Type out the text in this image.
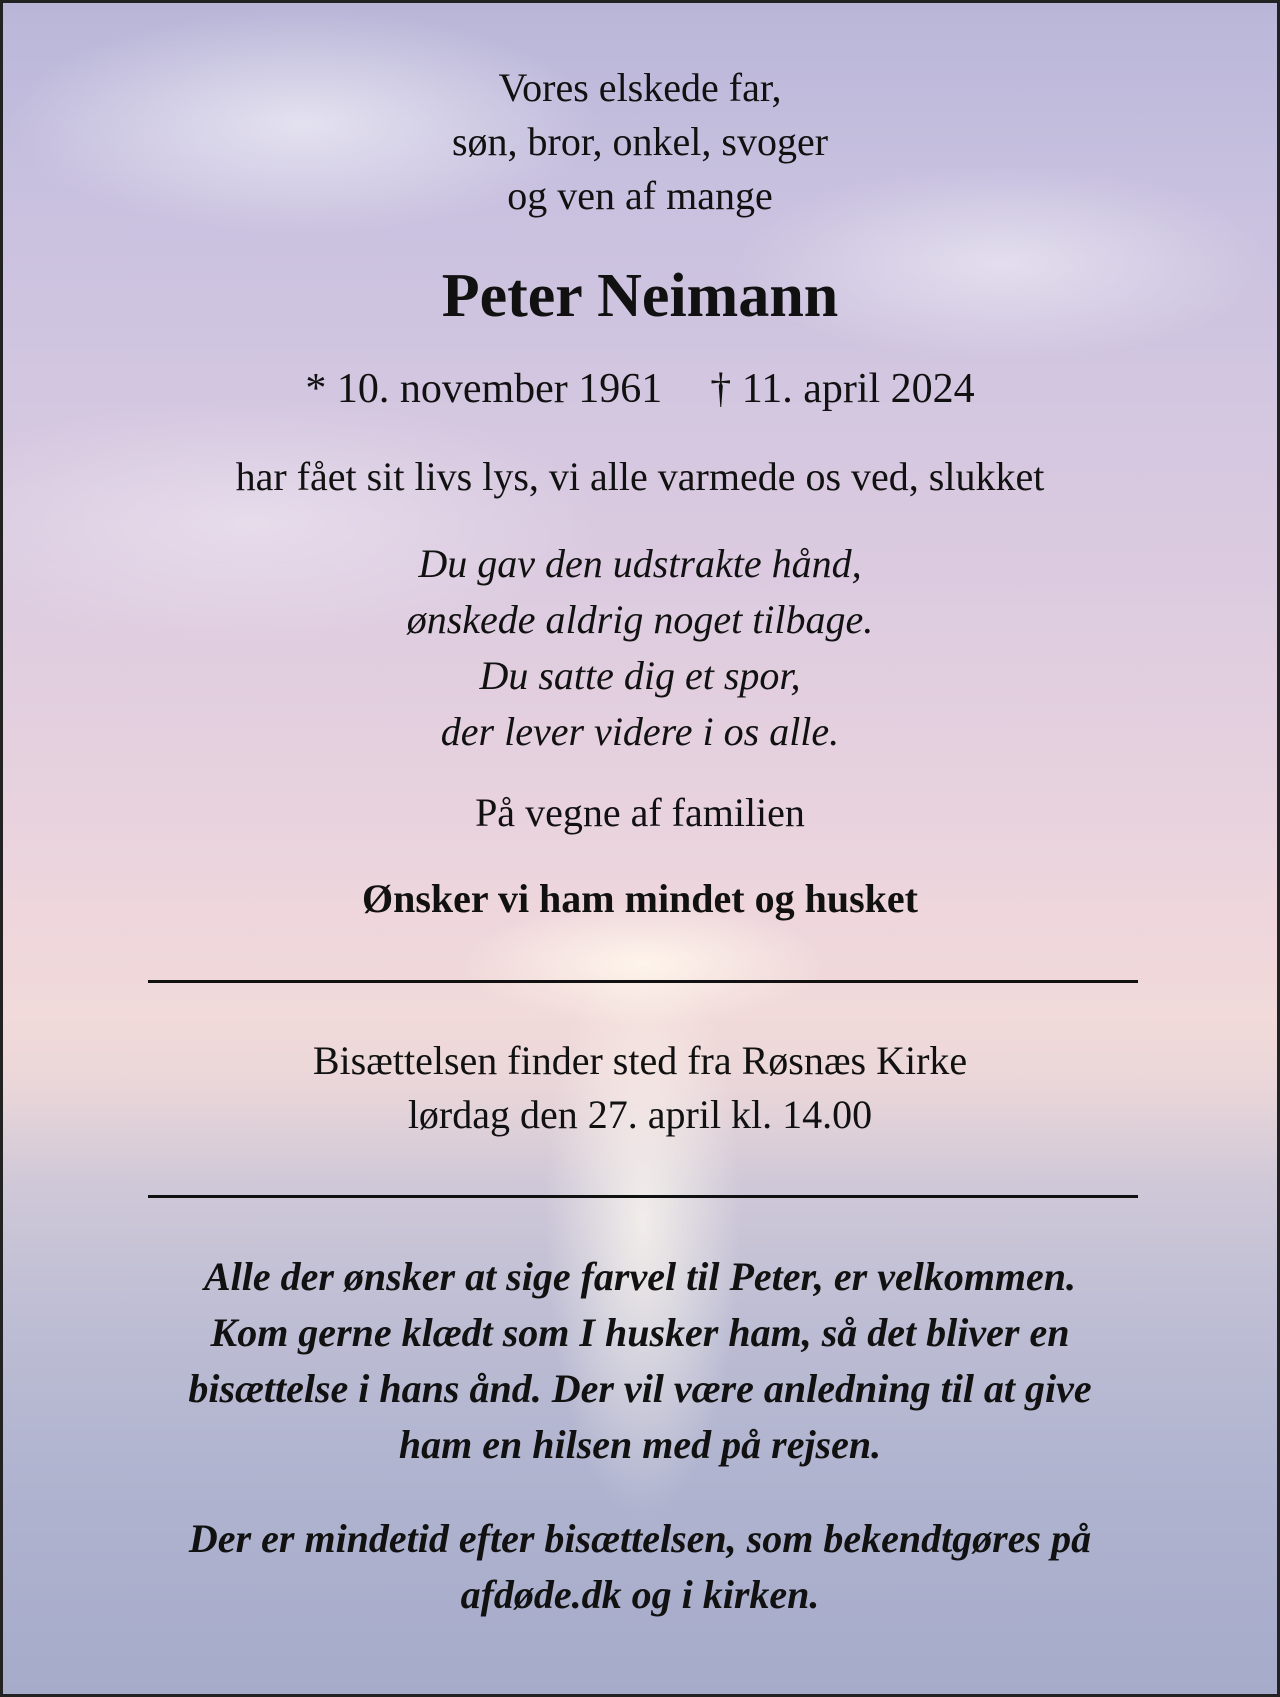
Vores elskede far,
søn, bror, onkel, svoger
og ven af mange
Peter Neimann
* 10. november 1961 † 11. april 2024
har fået sit livs lys, vi alle varmede os ved, slukket
Du gav den udstrakte hånd,
ønskede aldrig noget tilbage.
Du satte dig et spor,
der lever videre i os alle.
På vegne af familien
Ønsker vi ham mindet og husket
Bisættelsen finder sted fra Røsnæs Kirke
lørdag den 27. april kl. 14.00
Alle der ønsker at sige farvel til Peter, er velkommen.
Kom gerne klædt som I husker ham, så det bliver en
bisættelse i hans ånd. Der vil være anledning til at give
ham en hilsen med på rejsen.
Der er mindetid efter bisættelsen, som bekendtgøres på
afdøde.dk og i kirken.
